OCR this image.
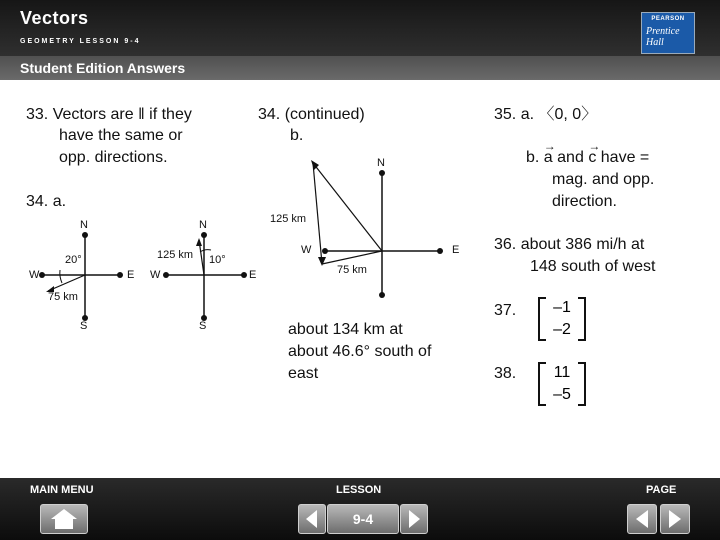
Vectors
GEOMETRY LESSON 9-4
Student Edition Answers
PEARSON
Prentice Hall
33. Vectors are ‖ if they
have the same or
opp. directions.
34. a.
N
S
W	E
20°
75 km
N
S
W	E
125 km 10°
34. (continued)
b.
N
W	E
125 km
75 km
about 134 km at
about 46.6° south of
east
35. a. 〈0, 0〉
b. → a and → c have =
mag. and opp.
direction.
36. about 386 mi/h at
148 south of west
37.	–1
–2
38.	11
–5
MAIN MENU	LESSON	PAGE
9-4
